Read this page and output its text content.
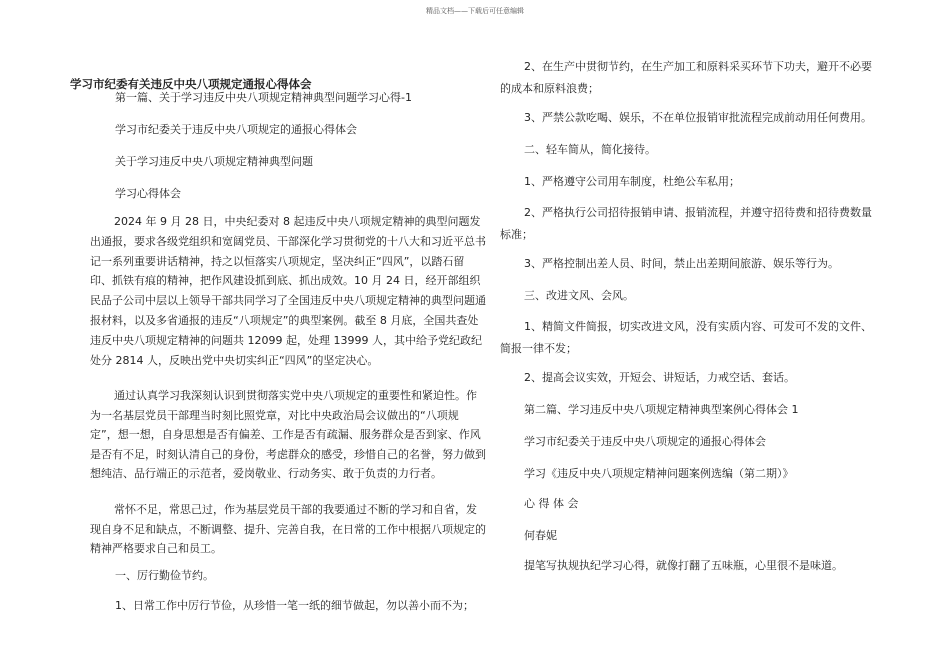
精品文档——下载后可任意编辑

学习市纪委有关违反中央八项规定通报心得体会

第一篇、关于学习违反中央八项规定精神典型问题学习心得-1

学习市纪委关于违反中央八项规定的通报心得体会

关于学习违反中央八项规定精神典型问题

学习心得体会

2024 年 9 月 28 日，中央纪委对 8 起违反中央八项规定精神的典型问题发出通报，要求各级党组织和宽阔党员、干部深化学习贯彻党的十八大和习近平总书记一系列重要讲话精神，持之以恒落实八项规定，坚决纠正“四风”，以踏石留印、抓铁有痕的精神，把作风建设抓到底、抓出成效。10 月 24 日，经开部组织民品子公司中层以上领导干部共同学习了全国违反中央八项规定精神的典型问题通报材料，以及多省通报的违反“八项规定”的典型案例。截至 8 月底，全国共查处违反中央八项规定精神的问题共 12099 起，处理 13999 人，其中给予党纪政纪处分 2814 人，反映出党中央切实纠正“四风”的坚定决心。

通过认真学习我深刻认识到贯彻落实党中央八项规定的重要性和紧迫性。作为一名基层党员干部理当时刻比照党章，对比中央政治局会议做出的“八项规定”，想一想，自身思想是否有偏差、工作是否有疏漏、服务群众是否到家、作风是否有不足，时刻认清自己的身份，考虑群众的感受，珍惜自己的名誉，努力做到想纯洁、品行端正的示范者，爱岗敬业、行动务实、敢于负责的力行者。

常怀不足，常思己过，作为基层党员干部的我要通过不断的学习和自省，发现自身不足和缺点，不断调整、提升、完善自我，在日常的工作中根据八项规定的精神严格要求自己和员工。

一、厉行勤俭节约。

1、日常工作中厉行节俭，从珍惜一笔一纸的细节做起，勿以善小而不为；

2、在生产中贯彻节约，在生产加工和原料采买环节下功夫，避开不必要的成本和原料浪费；

3、严禁公款吃喝、娱乐，不在单位报销审批流程完成前动用任何费用。

二、轻车简从，简化接待。

1、严格遵守公司用车制度，杜绝公车私用；

2、严格执行公司招待报销申请、报销流程，并遵守招待费和招待费数量标准；

3、严格控制出差人员、时间，禁止出差期间旅游、娱乐等行为。

三、改进文风、会风。

1、精简文件简报，切实改进文风，没有实质内容、可发可不发的文件、简报一律不发；

2、提高会议实效，开短会、讲短话，力戒空话、套话。

第二篇、学习违反中央八项规定精神典型案例心得体会 1

学习市纪委关于违反中央八项规定的通报心得体会

学习《违反中央八项规定精神问题案例选编（第二期）》

心 得 体 会

何春妮

提笔写执规执纪学习心得，就像打翻了五味瓶，心里很不是味道。
